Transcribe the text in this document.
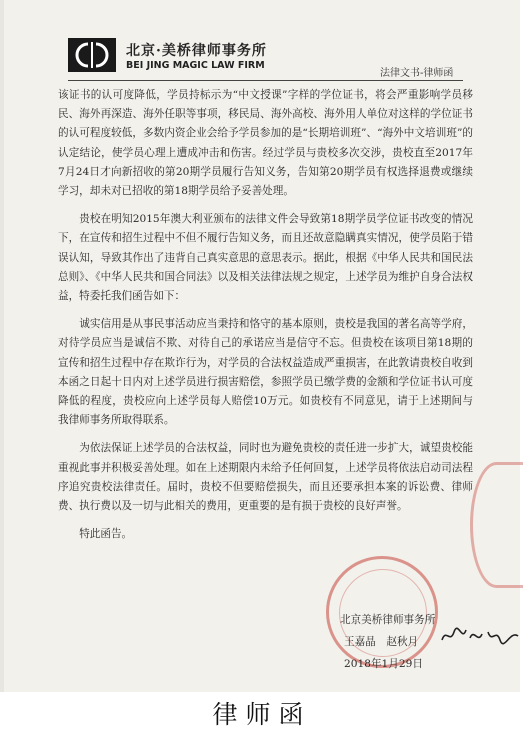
北京·美桥律师事务所
BEI JING MAGIC LAW FIRM
法律文书-律师函

该证书的认可度降低，学员持标示为“中文授课”字样的学位证书，将会严重影响学员移民、海外再深造、海外任职等事项，移民局、海外高校、海外用人单位对这样的学位证书的认可程度较低，多数内资企业会给予学员参加的是“长期培训班”、“海外中文培训班”的认定结论，使学员心理上遭成冲击和伤害。经过学员与贵校多次交涉，贵校直至2017年7月24日才向新招收的第20期学员履行告知义务，告知第20期学员有权选择退费或继续学习，却未对已招收的第18期学员给予妥善处理。

贵校在明知2015年澳大利亚颁布的法律文件会导致第18期学员学位证书改变的情况下，在宣传和招生过程中不但不履行告知义务，而且还故意隐瞒真实情况，使学员陷于错误认知，导致其作出了违背自己真实意思的意思表示。据此，根据《中华人民共和国民法总则》、《中华人民共和国合同法》以及相关法律法规之规定，上述学员为维护自身合法权益，特委托我们函告如下：

诚实信用是从事民事活动应当秉持和恪守的基本原则，贵校是我国的著名高等学府，对待学员应当是诚信不欺、对待自己的承诺应当是信守不忘。但贵校在该项目第18期的宣传和招生过程中存在欺诈行为，对学员的合法权益造成严重损害，在此敦请贵校自收到本函之日起十日内对上述学员进行损害赔偿，参照学员已缴学费的金额和学位证书认可度降低的程度，贵校应向上述学员每人赔偿10万元。如贵校有不同意见，请于上述期间与我律师事务所取得联系。

为依法保证上述学员的合法权益，同时也为避免贵校的责任进一步扩大，诚望贵校能重视此事并积极妥善处理。如在上述期限内未给予任何回复，上述学员将依法启动司法程序追究贵校法律责任。届时，贵校不但要赔偿损失，而且还要承担本案的诉讼费、律师费、执行费以及一切与此相关的费用，更重要的是有损于贵校的良好声誉。

特此函告。

北京美桥律师事务所
王嘉晶　赵秋月
2018年1月29日
律师函
